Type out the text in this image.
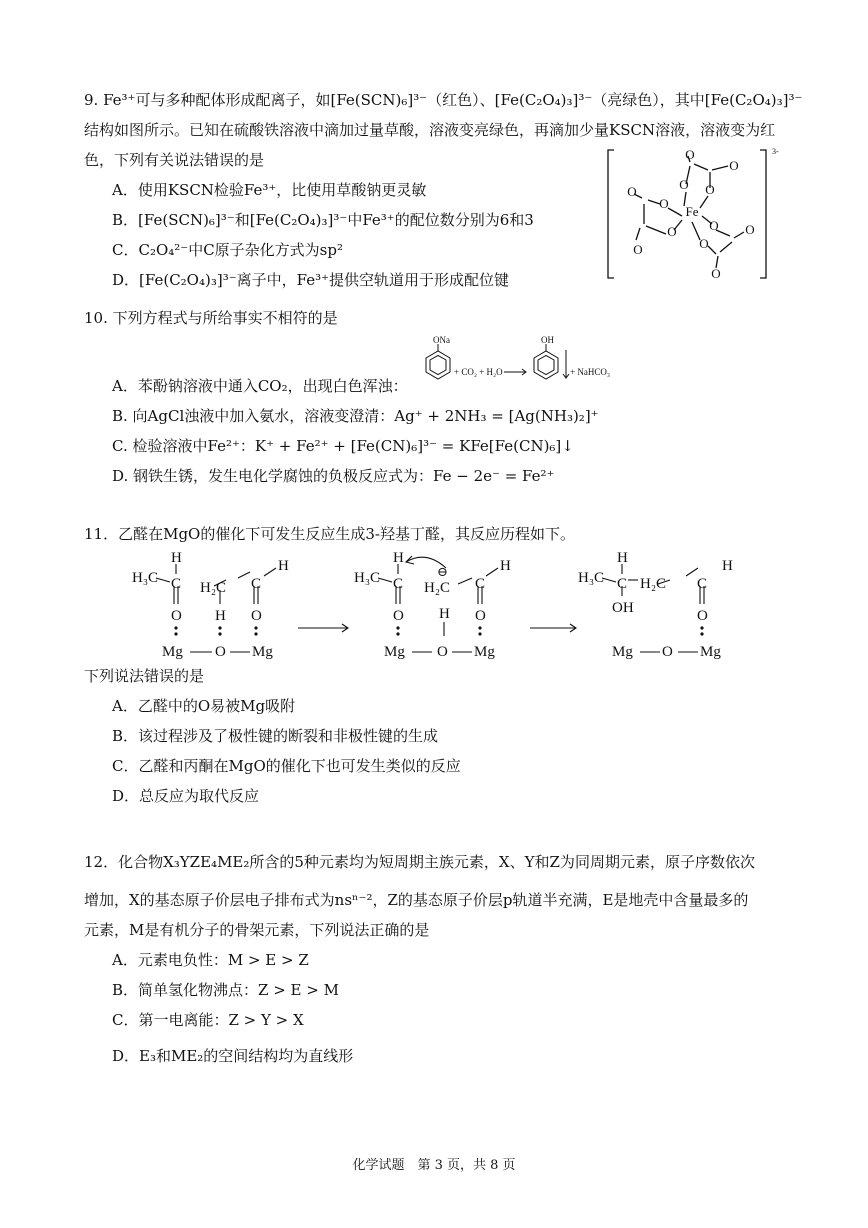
9. Fe³⁺可与多种配体形成配离子，如[Fe(SCN)₆]³⁻（红色）、[Fe(C₂O₄)₃]³⁻（亮绿色），其中[Fe(C₂O₄)₃]³⁻
结构如图所示。已知在硫酸铁溶液中滴加过量草酸，溶液变亮绿色，再滴加少量KSCN溶液，溶液变为红
色，下列有关说法错误的是
A．使用KSCN检验Fe³⁺，比使用草酸钠更灵敏
B．[Fe(SCN)₆]³⁻和[Fe(C₂O₄)₃]³⁻中Fe³⁺的配位数分别为6和3
C．C₂O₄²⁻中C原子杂化方式为sp²
D．[Fe(C₂O₄)₃]³⁻离子中，Fe³⁺提供空轨道用于形成配位键
Fe
O O
O
O
O
O
O
O	O
O
O
O
3-
10. 下列方程式与所给事实不相符的是
A．苯酚钠溶液中通入CO₂，出现白色浑浊：
ONa
+ CO₂ + H₂O
OH
+ NaHCO₃
B. 向AgCl浊液中加入氨水，溶液变澄清：Ag⁺ + 2NH₃ = [Ag(NH₃)₂]⁺
C. 检验溶液中Fe²⁺：K⁺ + Fe²⁺ + [Fe(CN)₆]³⁻ = KFe[Fe(CN)₆]↓
D. 钢铁生锈，发生电化学腐蚀的负极反应式为：Fe − 2e⁻ = Fe²⁺
11．乙醛在MgO的催化下可发生反应生成3-羟基丁醛，其反应历程如下。
H
H₃C C
O
H₂C C
H
H O
Mg O Mg
H
H₃C C
O
H₂C
⊖
C
H
H O
Mg O Mg
H
H₃C C
OH
H₂C C
H
O
Mg O Mg
下列说法错误的是
A．乙醛中的O易被Mg吸附
B．该过程涉及了极性键的断裂和非极性键的生成
C．乙醛和丙酮在MgO的催化下也可发生类似的反应
D．总反应为取代反应
12．化合物X₃YZE₄ME₂所含的5种元素均为短周期主族元素，X、Y和Z为同周期元素，原子序数依次
增加，X的基态原子价层电子排布式为nsⁿ⁻²，Z的基态原子价层p轨道半充满，E是地壳中含量最多的
元素，M是有机分子的骨架元素，下列说法正确的是
A．元素电负性：M > E > Z
B．简单氢化物沸点：Z > E > M
C．第一电离能：Z > Y > X
D．E₃和ME₂的空间结构均为直线形
化学试题　第 3 页，共 8 页
